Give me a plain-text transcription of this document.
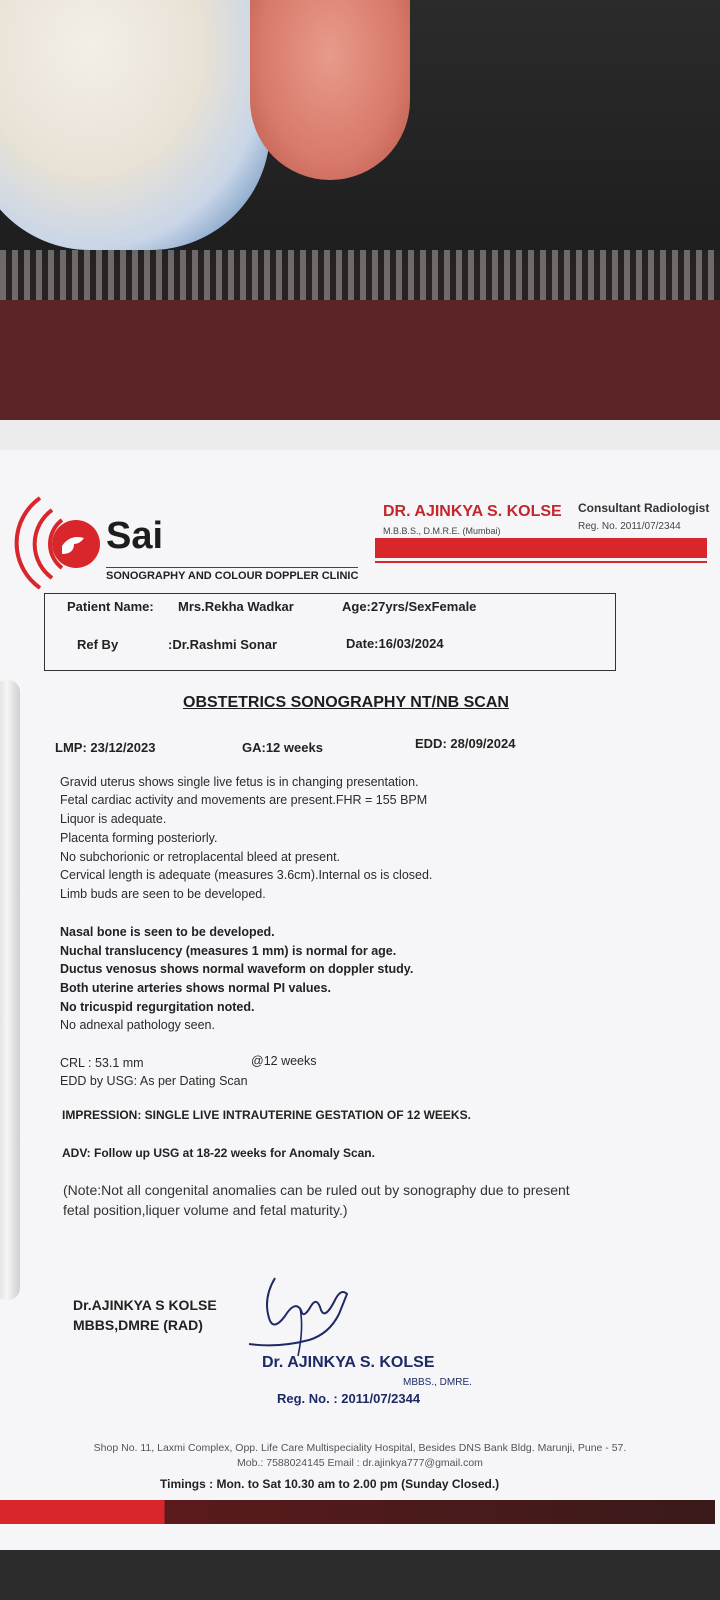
Sai
SONOGRAPHY AND COLOUR DOPPLER CLINIC
DR. AJINKYA S. KOLSE
M.B.B.S., D.M.R.E. (Mumbai)
Consultant Radiologist
Reg. No. 2011/07/2344
Patient Name: Mrs.Rekha Wadkar	Age:27yrs/SexFemale
Ref By	:Dr.Rashmi Sonar	Date:16/03/2024
OBSTETRICS SONOGRAPHY NT/NB SCAN
LMP: 23/12/2023	GA:12 weeks	EDD: 28/09/2024
Gravid uterus shows single live fetus is in changing presentation.
Fetal cardiac activity and movements are present.FHR = 155 BPM
Liquor is adequate.
Placenta forming posteriorly.
No subchorionic or retroplacental bleed at present.
Cervical length is adequate (measures 3.6cm).Internal os is closed.
Limb buds are seen to be developed.
Nasal bone is seen to be developed.
Nuchal translucency (measures 1 mm) is normal for age.
Ductus venosus shows normal waveform on doppler study.
Both uterine arteries shows normal PI values.
No tricuspid regurgitation noted.
No adnexal pathology seen.
CRL : 53.1 mm	@12 weeks
EDD by USG: As per Dating Scan
IMPRESSION: SINGLE LIVE INTRAUTERINE GESTATION OF 12 WEEKS.
ADV: Follow up USG at 18-22 weeks for Anomaly Scan.
(Note:Not all congenital anomalies can be ruled out by sonography due to present fetal position,liquer volume and fetal maturity.)
Dr.AJINKYA S KOLSE
MBBS,DMRE (RAD)
Dr. AJINKYA S. KOLSE
MBBS., DMRE.
Reg. No. : 2011/07/2344
Shop No. 11, Laxmi Complex, Opp. Life Care Multispeciality Hospital, Besides DNS Bank Bldg. Marunji, Pune - 57. Mob.: 7588024145 Email : dr.ajinkya777@gmail.com
Timings : Mon. to Sat 10.30 am to 2.00 pm (Sunday Closed.)
